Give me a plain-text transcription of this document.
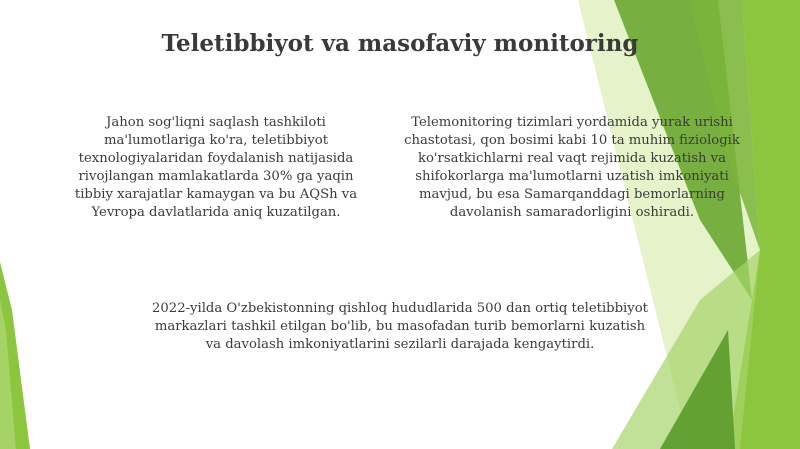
Teletibbiyot va masofaviy monitoring

Jahon sog'liqni saqlash tashkiloti ma'lumotlariga ko'ra, teletibbiyot texnologiyalaridan foydalanish natijasida rivojlangan mamlakatlarda 30% ga yaqin tibbiy xarajatlar kamaygan va bu AQSh va Yevropa davlatlarida aniq kuzatilgan.

Telemonitoring tizimlari yordamida yurak urishi chastotasi, qon bosimi kabi 10 ta muhim fiziologik ko'rsatkichlarni real vaqt rejimida kuzatish va shifokorlarga ma'lumotlarni uzatish imkoniyati mavjud, bu esa Samarqanddagi bemorlarning davolanish samaradorligini oshiradi.

2022-yilda O'zbekistonning qishloq hududlarida 500 dan ortiq teletibbiyot markazlari tashkil etilgan bo'lib, bu masofadan turib bemorlarni kuzatish va davolash imkoniyatlarini sezilarli darajada kengaytirdi.
